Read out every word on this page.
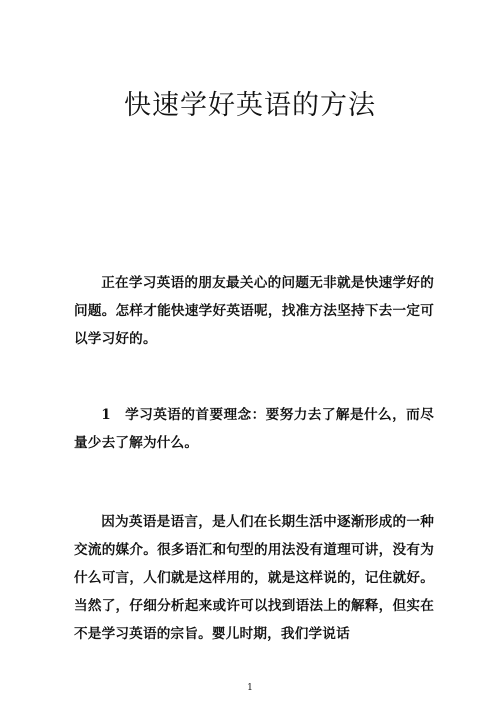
快速学好英语的方法

正在学习英语的朋友最关心的问题无非就是快速学好的问题。怎样才能快速学好英语呢，找准方法坚持下去一定可以学习好的。

1　学习英语的首要理念：要努力去了解是什么，而尽量少去了解为什么。

因为英语是语言，是人们在长期生活中逐渐形成的一种交流的媒介。很多语汇和句型的用法没有道理可讲，没有为什么可言，人们就是这样用的，就是这样说的，记住就好。当然了，仔细分析起来或许可以找到语法上的解释，但实在不是学习英语的宗旨。婴儿时期，我们学说话

1
